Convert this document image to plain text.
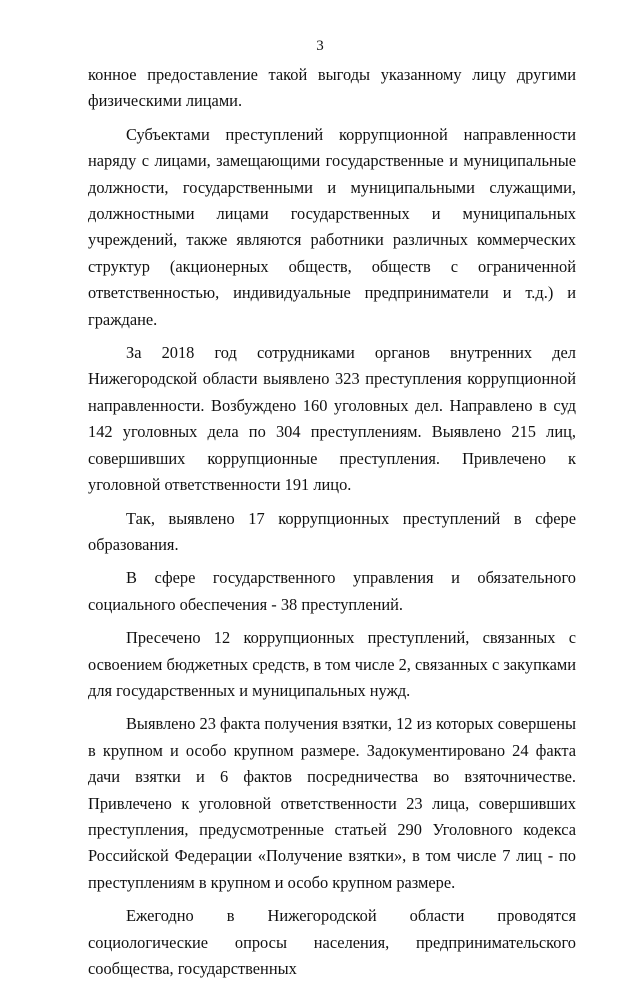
3

конное предоставление такой выгоды указанному лицу другими физическими лицами.

Субъектами преступлений коррупционной направленности наряду с лицами, замещающими государственные и муниципальные должности, государственными и муниципальными служащими, должностными лицами государственных и муниципальных учреждений, также являются работники различных коммерческих структур (акционерных обществ, обществ с ограниченной ответственностью, индивидуальные предприниматели и т.д.) и граждане.

За 2018 год сотрудниками органов внутренних дел Нижегородской области выявлено 323 преступления коррупционной направленности. Возбуждено 160 уголовных дел. Направлено в суд 142 уголовных дела по 304 преступлениям. Выявлено 215 лиц, совершивших коррупционные преступления. Привлечено к уголовной ответственности 191 лицо.

Так, выявлено 17 коррупционных преступлений в сфере образования.

В сфере государственного управления и обязательного социального обеспечения - 38 преступлений.

Пресечено 12 коррупционных преступлений, связанных с освоением бюджетных средств, в том числе 2, связанных с закупками для государственных и муниципальных нужд.

Выявлено 23 факта получения взятки, 12 из которых совершены в крупном и особо крупном размере. Задокументировано 24 факта дачи взятки и 6 фактов посредничества во взяточничестве. Привлечено к уголовной ответственности 23 лица, совершивших преступления, предусмотренные статьей 290 Уголовного кодекса Российской Федерации «Получение взятки», в том числе 7 лиц - по преступлениям в крупном и особо крупном размере.

Ежегодно в Нижегородской области проводятся социологические опросы населения, предпринимательского сообщества, государственных
